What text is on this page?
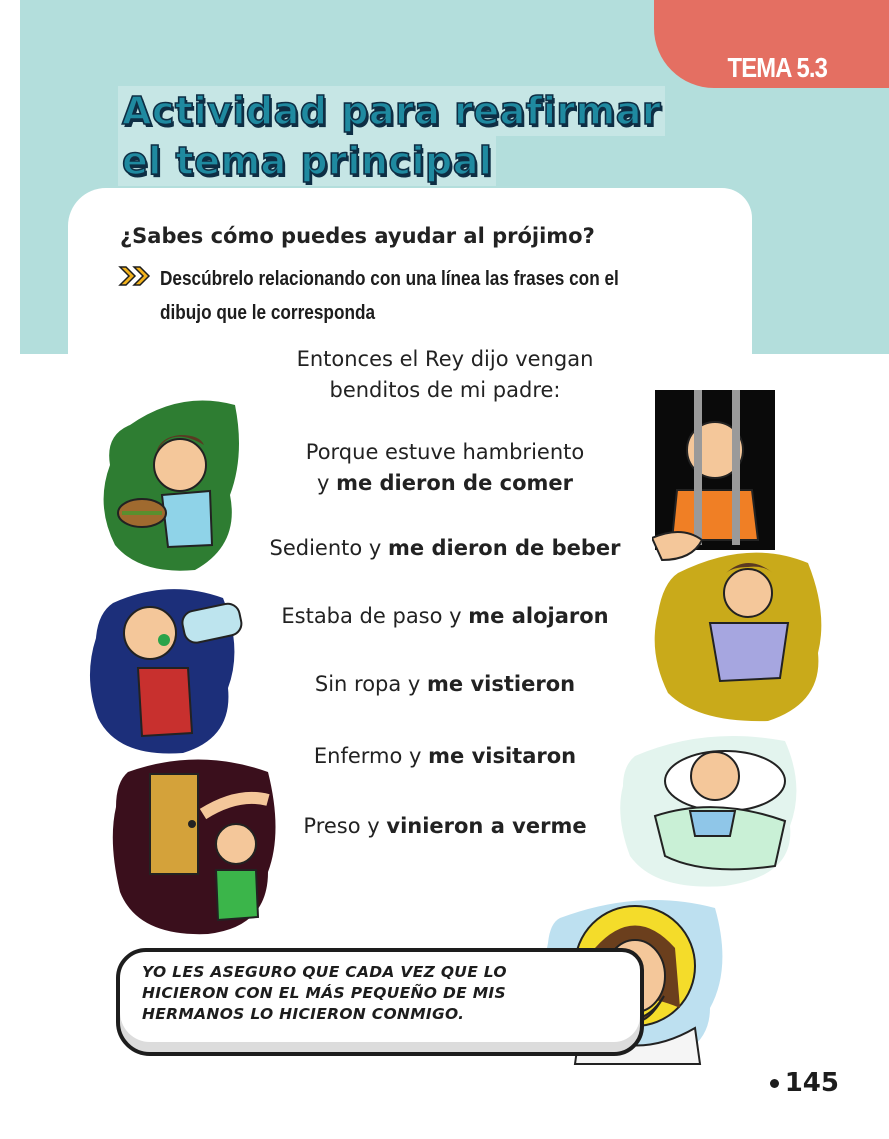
TEMA 5.3
Actividad para reafirmar
el tema principal
¿Sabes cómo puedes ayudar al prójimo?
Descúbrelo relacionando con una línea las frases con el dibujo que le corresponda
Entonces el Rey dijo vengan
benditos de mi padre:
Porque estuve hambriento
y me dieron de comer
Sediento y me dieron de beber
Estaba de paso y me alojaron
Sin ropa y me vistieron
Enfermo y me visitaron
Preso y vinieron a verme
YO LES ASEGURO QUE CADA VEZ QUE LO HICIERON CON EL MÁS PEQUEÑO DE MIS HERMANOS LO HICIERON CONMIGO.
145
